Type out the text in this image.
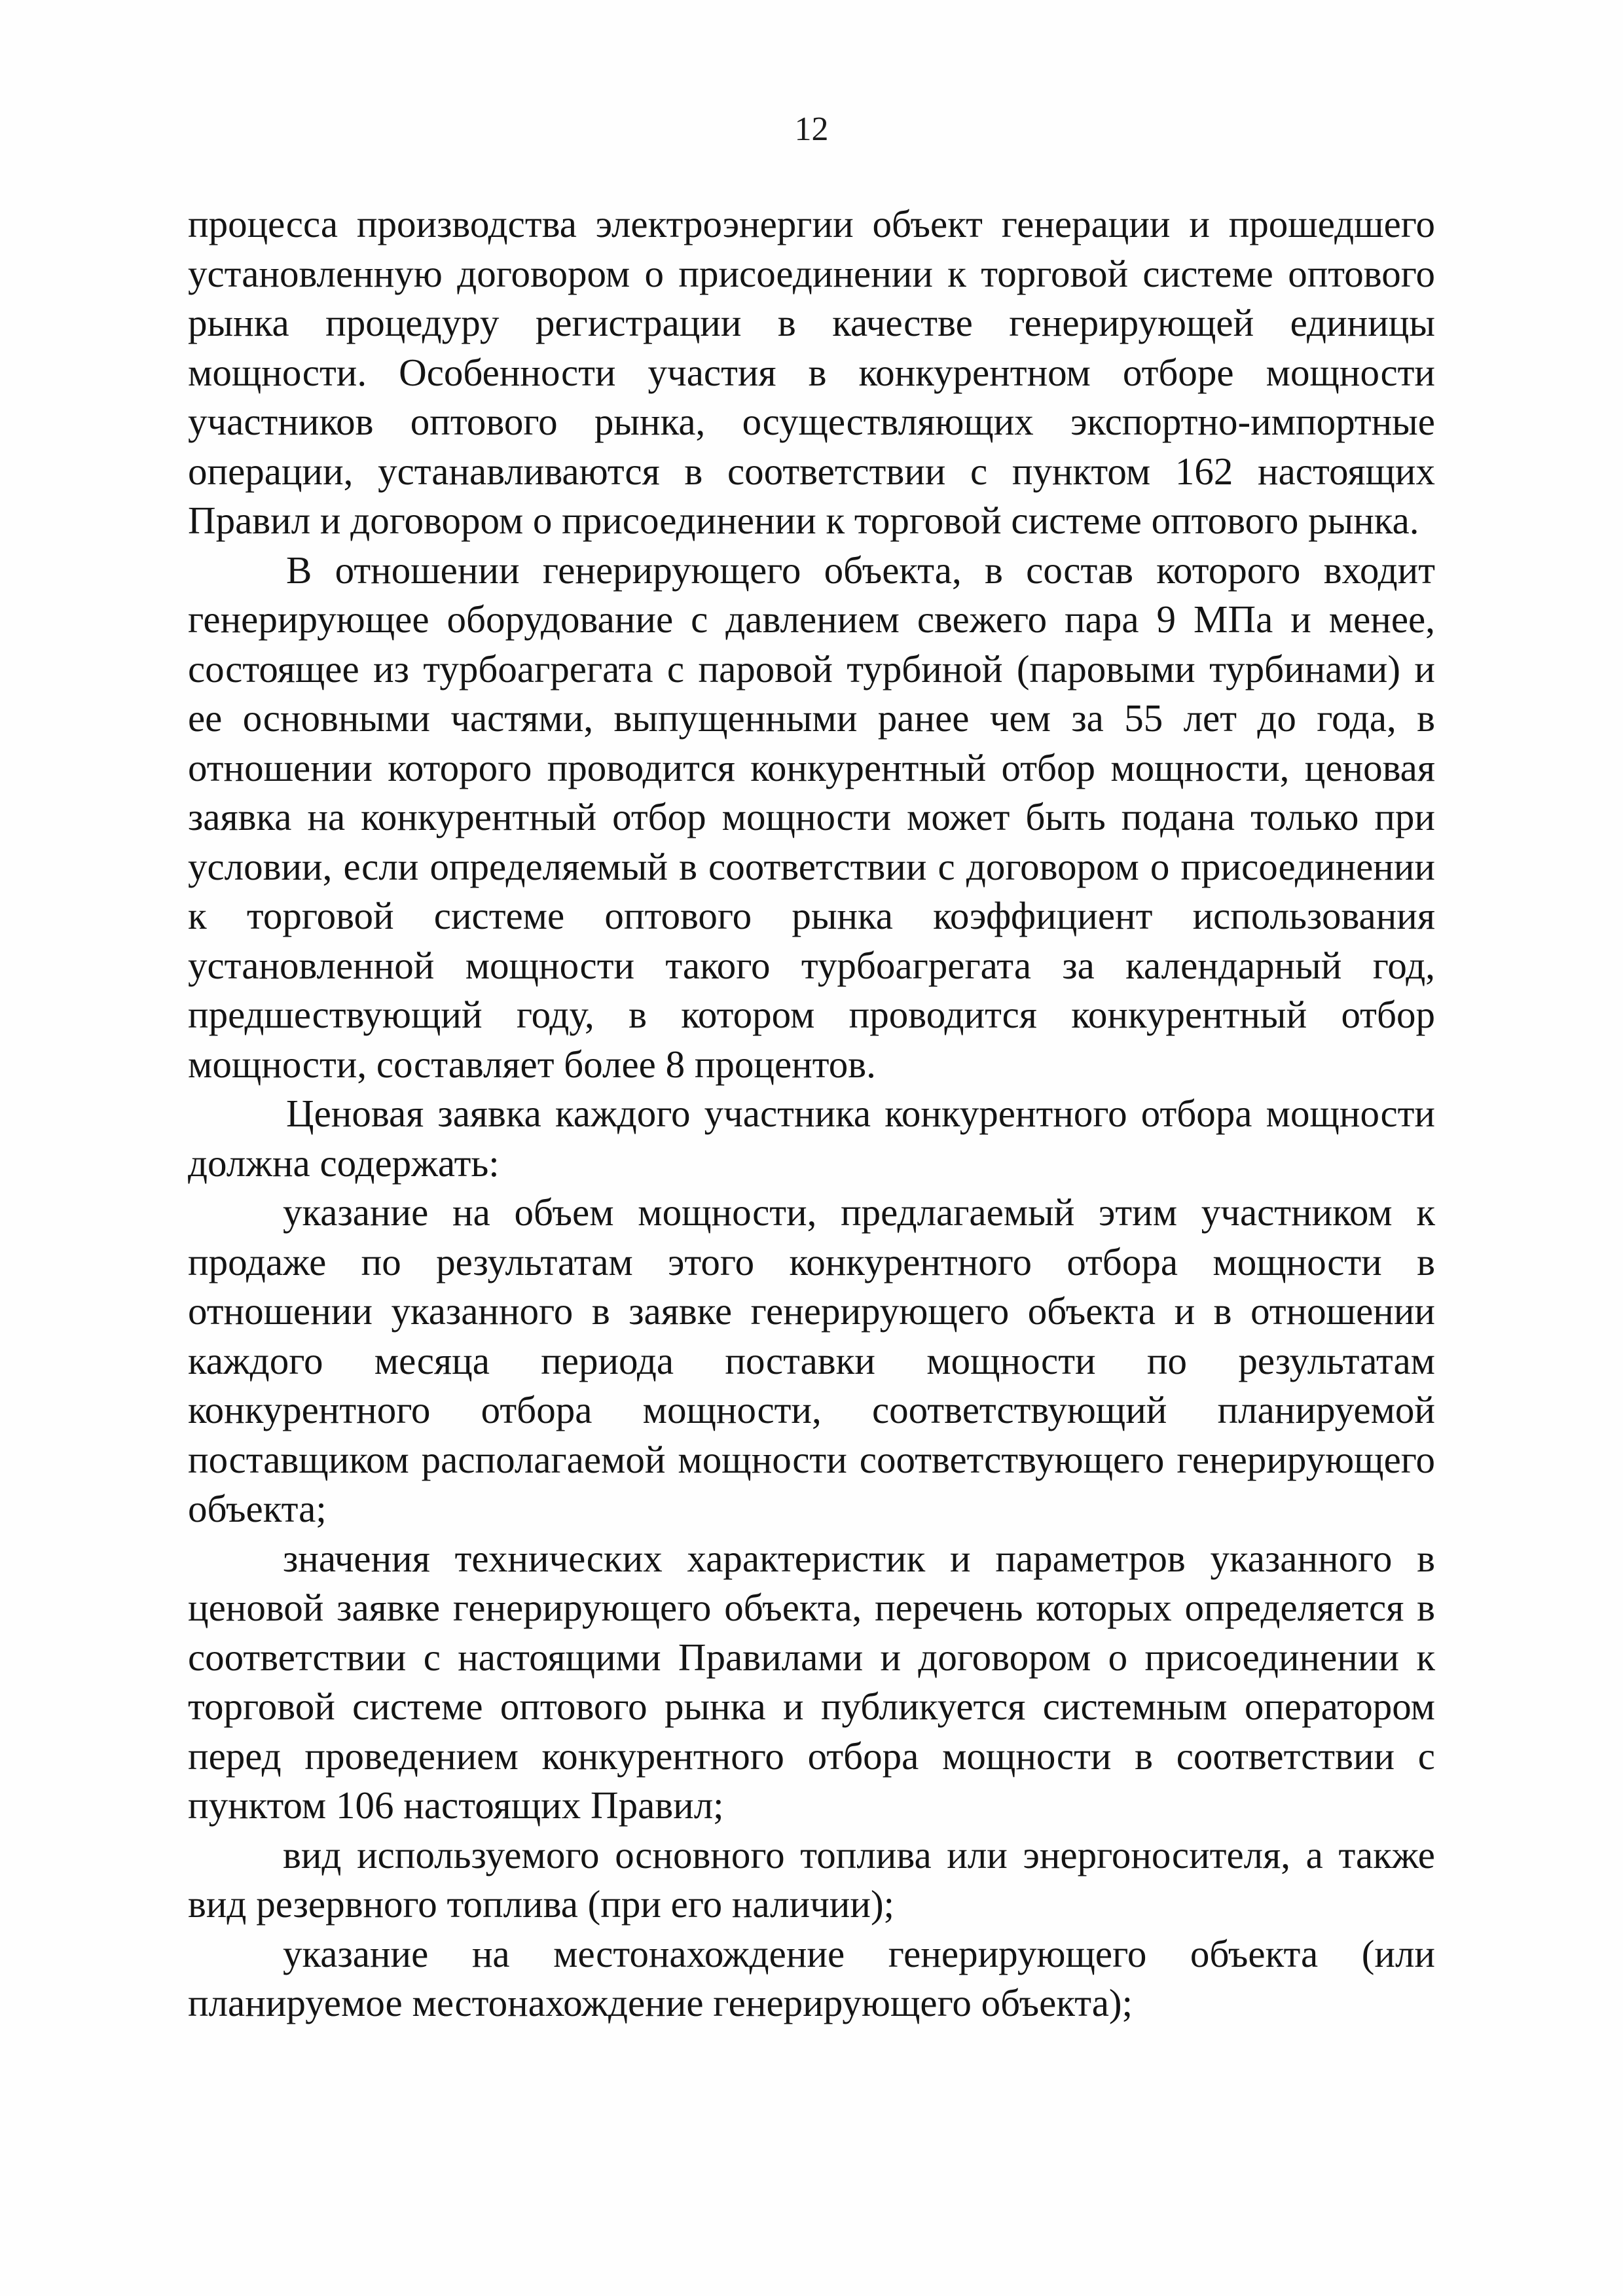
12

процесса производства электроэнергии объект генерации и прошедшего установленную договором о присоединении к торговой системе оптового рынка процедуру регистрации в качестве генерирующей единицы мощности. Особенности участия в конкурентном отборе мощности участников оптового рынка, осуществляющих экспортно-импортные операции, устанавливаются в соответствии с пунктом 162 настоящих Правил и договором о присоединении к торговой системе оптового рынка.

В отношении генерирующего объекта, в состав которого входит генерирующее оборудование с давлением свежего пара 9 МПа и менее, состоящее из турбоагрегата с паровой турбиной (паровыми турбинами) и ее основными частями, выпущенными ранее чем за 55 лет до года, в отношении которого проводится конкурентный отбор мощности, ценовая заявка на конкурентный отбор мощности может быть подана только при условии, если определяемый в соответствии с договором о присоединении к торговой системе оптового рынка коэффициент использования установленной мощности такого турбоагрегата за календарный год, предшествующий году, в котором проводится конкурентный отбор мощности, составляет более 8 процентов.

Ценовая заявка каждого участника конкурентного отбора мощности должна содержать:

указание на объем мощности, предлагаемый этим участником к продаже по результатам этого конкурентного отбора мощности в отношении указанного в заявке генерирующего объекта и в отношении каждого месяца периода поставки мощности по результатам конкурентного отбора мощности, соответствующий планируемой поставщиком располагаемой мощности соответствующего генерирующего объекта;

значения технических характеристик и параметров указанного в ценовой заявке генерирующего объекта, перечень которых определяется в соответствии с настоящими Правилами и договором о присоединении к торговой системе оптового рынка и публикуется системным оператором перед проведением конкурентного отбора мощности в соответствии с пунктом 106 настоящих Правил;

вид используемого основного топлива или энергоносителя, а также вид резервного топлива (при его наличии);

указание на местонахождение генерирующего объекта (или планируемое местонахождение генерирующего объекта);
